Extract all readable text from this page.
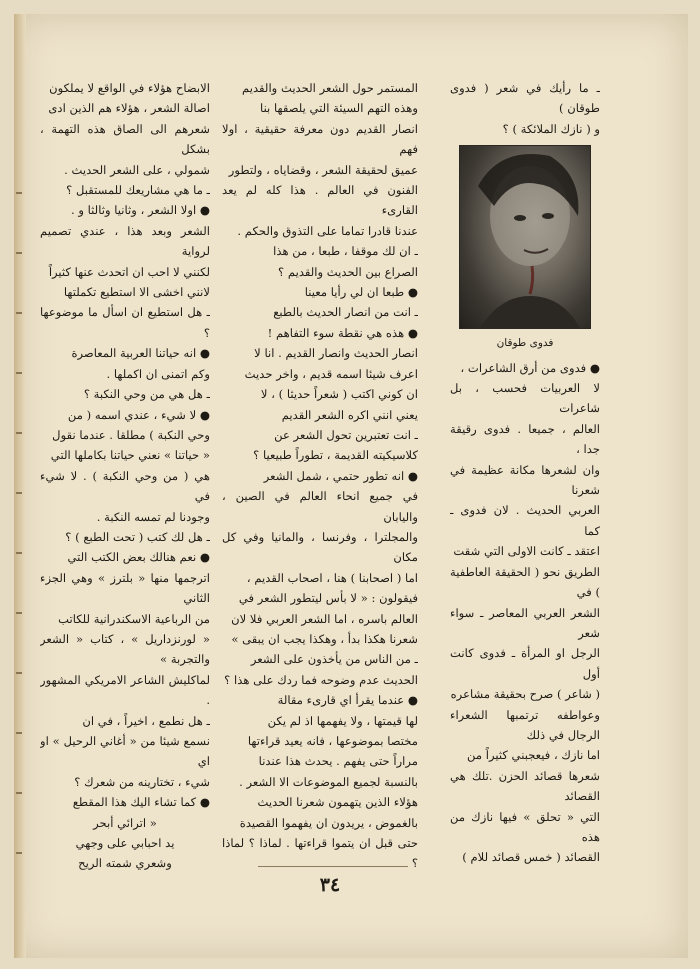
ـ ما رأيك في شعر ( فدوى طوقان )

و ( نازك الملائكة ) ؟

فدوى طوقان

● فدوى من أرق الشاعرات ،

لا العربيات فحسب ، بل شاعرات

العالم ، جميعا . فدوى رقيقة جدا ،

وان لشعرها مكانة عظيمة في شعرنا

العربي الحديث . لان فدوى ـ كما

اعتقد ـ كانت الاولى التي شقت

الطريق نحو ( الحقيقة العاطفية ) في

الشعر العربي المعاصر ـ سواء شعر

الرجل او المرأة ـ فدوى كانت أول

( شاعر ) صرح بحقيقة مشاعره

وعواطفه ترتمبها الشعراء الرجال في ذلك

اما نازك ، فيعجبني كثيراً من

شعرها قصائد الحزن .تلك هي القصائد

التي « تحلق » فيها نازك من هذه

القصائد ( خمس قصائد للام )

المستمر حول الشعر الحديث والقديم

وهذه التهم السيئة التي يلصقها بنا

انصار القديم دون معرفة حقيقية ، اولا فهم

عميق لحقيقة الشعر ، وقضاياه ، ولتطور

الفنون في العالم . هذا كله لم يعد القارىء

عندنا قادرا تماما على التذوق والحكم .

ـ ان لك موقفا ، طبعا ، من هذا

الصراع بين الحديث والقديم ؟

● طبعا ان لي رأيا معينا

ـ انت من انصار الحديث بالطبع

● هذه هي نقطة سوء التفاهم !

انصار الحديث وانصار القديم . انا لا

اعرف شيئا اسمه قديم ، واخر حديث

ان كوني اكتب ( شعراً حديثا ) ، لا

يعني انني اكره الشعر القديم

ـ انت تعتبرين تحول الشعر عن

كلاسيكيته القديمة ، تطوراً طبيعيا ؟

● انه تطور حتمي ، شمل الشعر

في جميع انحاء العالم في الصين ، واليابان

والمجلترا ، وفرنسا ، والمانيا وفي كل مكان

اما ( اصحابنا ) هنا ، اصحاب القديم ،

فيقولون : « لا بأس ليتطور الشعر في

العالم باسره ، اما الشعر العربي فلا لان

شعرنا هكذا بدأ ، وهكذا يجب ان يبقى »

ـ من الناس من يأخذون على الشعر

الحديث عدم وضوحه فما ردك على هذا ؟

● عندما يقرأ اي قارىء مقالة

لها قيمتها ، ولا يفهمها اذ لم يكن

مختصا بموضوعها ، فانه يعيد قراءتها

مراراً حتى يفهم . يحدث هذا عندنا

بالنسبة لجميع الموضوعات الا الشعر .

هؤلاء الذين يتهمون شعرنا الحديث

بالغموض ، يريدون ان يفهموا القصيدة

حتى قبل ان يتموا قراءتها . لماذا ؟ لماذا ؟

الابضاح هؤلاء في الواقع لا يملكون

اصالة الشعر ، هؤلاء هم الذين ادى

شعرهم الى الصاق هذه التهمة ، بشكل

شمولي ، على الشعر الحديث .

ـ ما هي مشاريعك للمستقبل ؟

● اولا الشعر ، وثانيا وثالثا و .

الشعر وبعد هذا ، عندي تصميم لرواية

لكنني لا احب ان اتحدث عنها كثيراً

لانني اخشى الا استطيع تكملتها

ـ هل استطيع ان اسأل ما موضوعها ؟

● انه حياتنا العربية المعاصرة

وكم اتمنى ان اكملها .

ـ هل هي من وحي النكبة ؟

● لا شيء ، عندي اسمه ( من

وحي النكبة ) مطلقا . عندما نقول

« حياتنا » نعني حياتنا بكاملها التي

هي ( من وحي النكبة ) . لا شيء في

وجودنا لم تمسه النكبة .

ـ هل لك كتب ( تحت الطبع ) ؟

● نعم هنالك بعض الكتب التي

اترجمها منها « بلترز » وهي الجزء الثاني

من الرباعية الاسكندرانية للكاتب

« لورنزداريل » ، كتاب « الشعر والتجربة »

لماكليش الشاعر الامريكي المشهور .

ـ هل نطمع ، اخيراً ، في ان

نسمع شيئا من « أغاني الرحيل » او اي

شيء ، تختارينه من شعرك ؟

● كما تشاء اليك هذا المقطع

« اترائي أبحر

يد احبابي على وجهي

وشعري شمته الريح

٣٤
